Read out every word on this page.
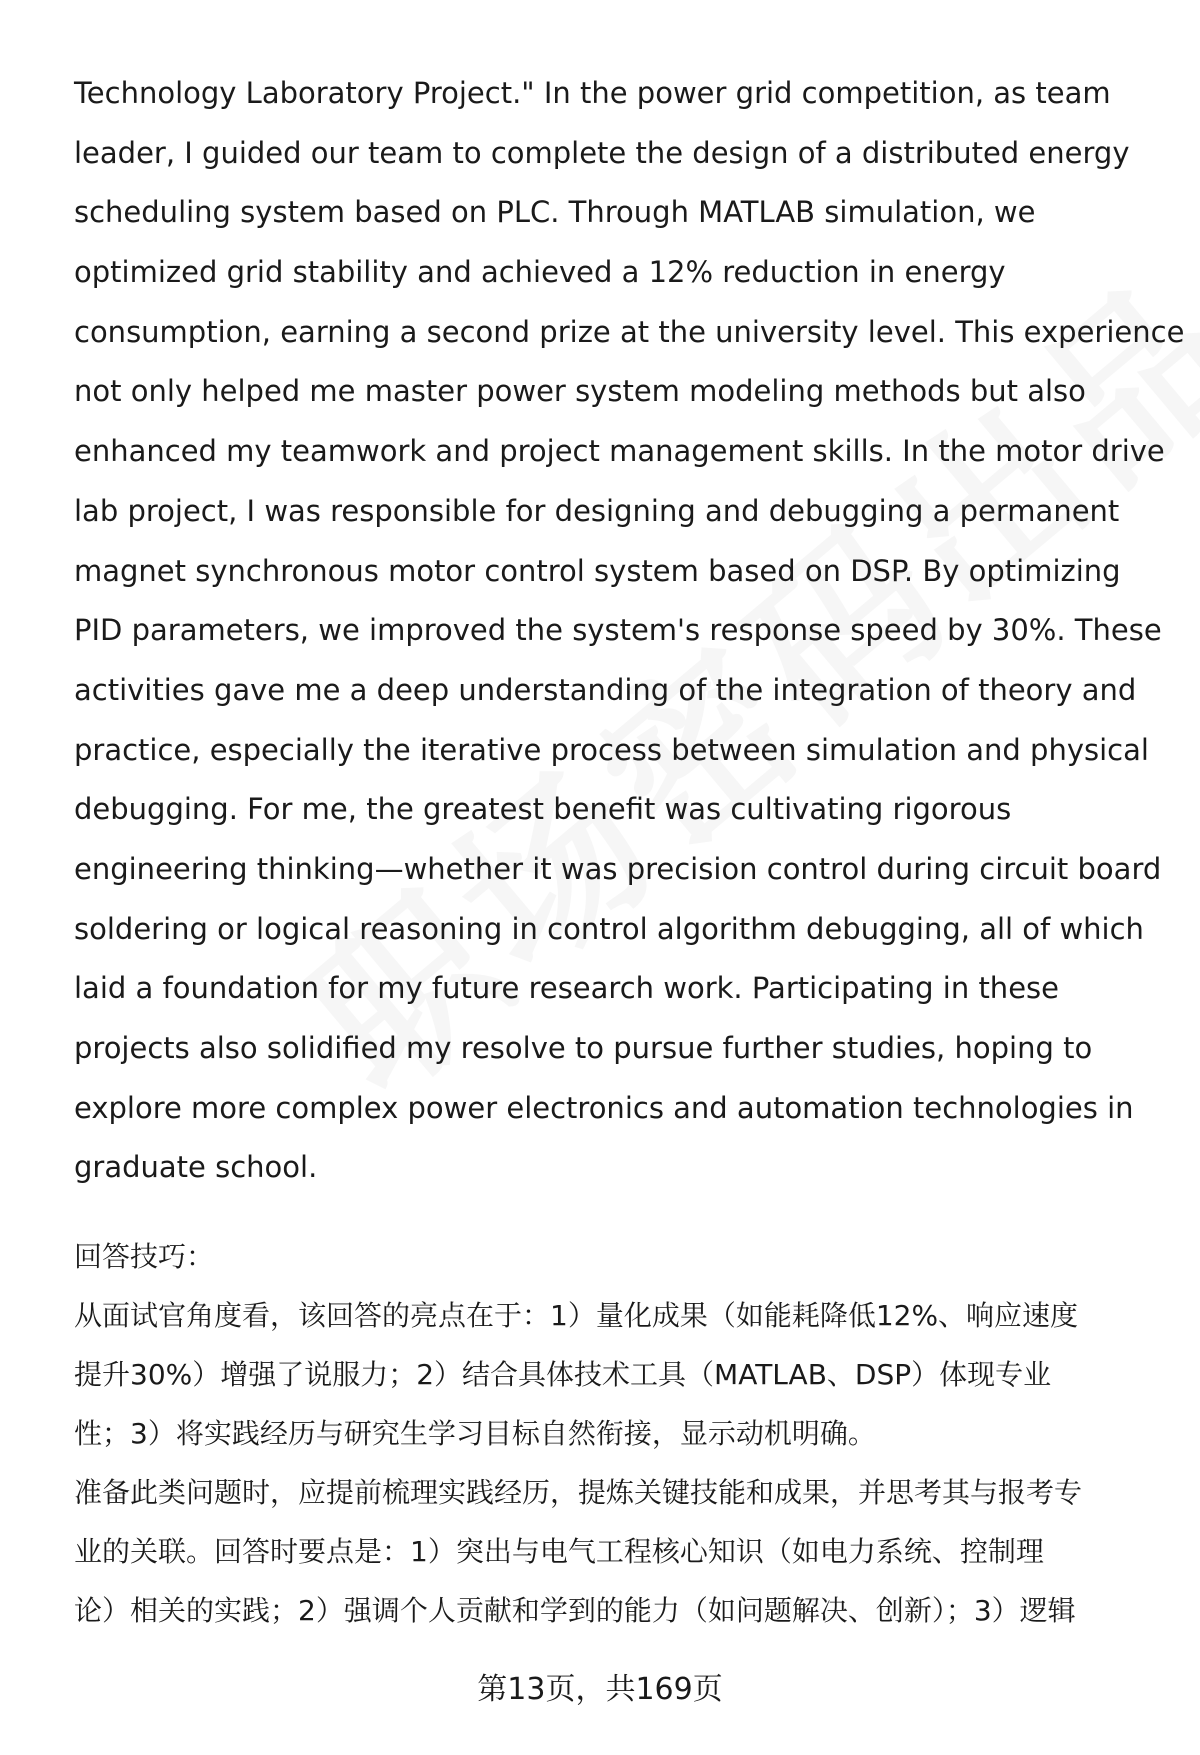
Technology Laboratory Project." In the power grid competition, as team
leader, I guided our team to complete the design of a distributed energy
scheduling system based on PLC. Through MATLAB simulation, we
optimized grid stability and achieved a 12% reduction in energy
consumption, earning a second prize at the university level. This experience
not only helped me master power system modeling methods but also
enhanced my teamwork and project management skills. In the motor drive
lab project, I was responsible for designing and debugging a permanent
magnet synchronous motor control system based on DSP. By optimizing
PID parameters, we improved the system's response speed by 30%. These
activities gave me a deep understanding of the integration of theory and
practice, especially the iterative process between simulation and physical
debugging. For me, the greatest benefit was cultivating rigorous
engineering thinking—whether it was precision control during circuit board
soldering or logical reasoning in control algorithm debugging, all of which
laid a foundation for my future research work. Participating in these
projects also solidified my resolve to pursue further studies, hoping to
explore more complex power electronics and automation technologies in
graduate school.
回答技巧：
从面试官角度看，该回答的亮点在于：1）量化成果（如能耗降低12%、响应速度
提升30%）增强了说服力；2）结合具体技术工具（MATLAB、DSP）体现专业
性；3）将实践经历与研究生学习目标自然衔接，显示动机明确。
准备此类问题时，应提前梳理实践经历，提炼关键技能和成果，并思考其与报考专
业的关联。回答时要点是：1）突出与电气工程核心知识（如电力系统、控制理
论）相关的实践；2）强调个人贡献和学到的能力（如问题解决、创新）；3）逻辑
第13页，共169页
